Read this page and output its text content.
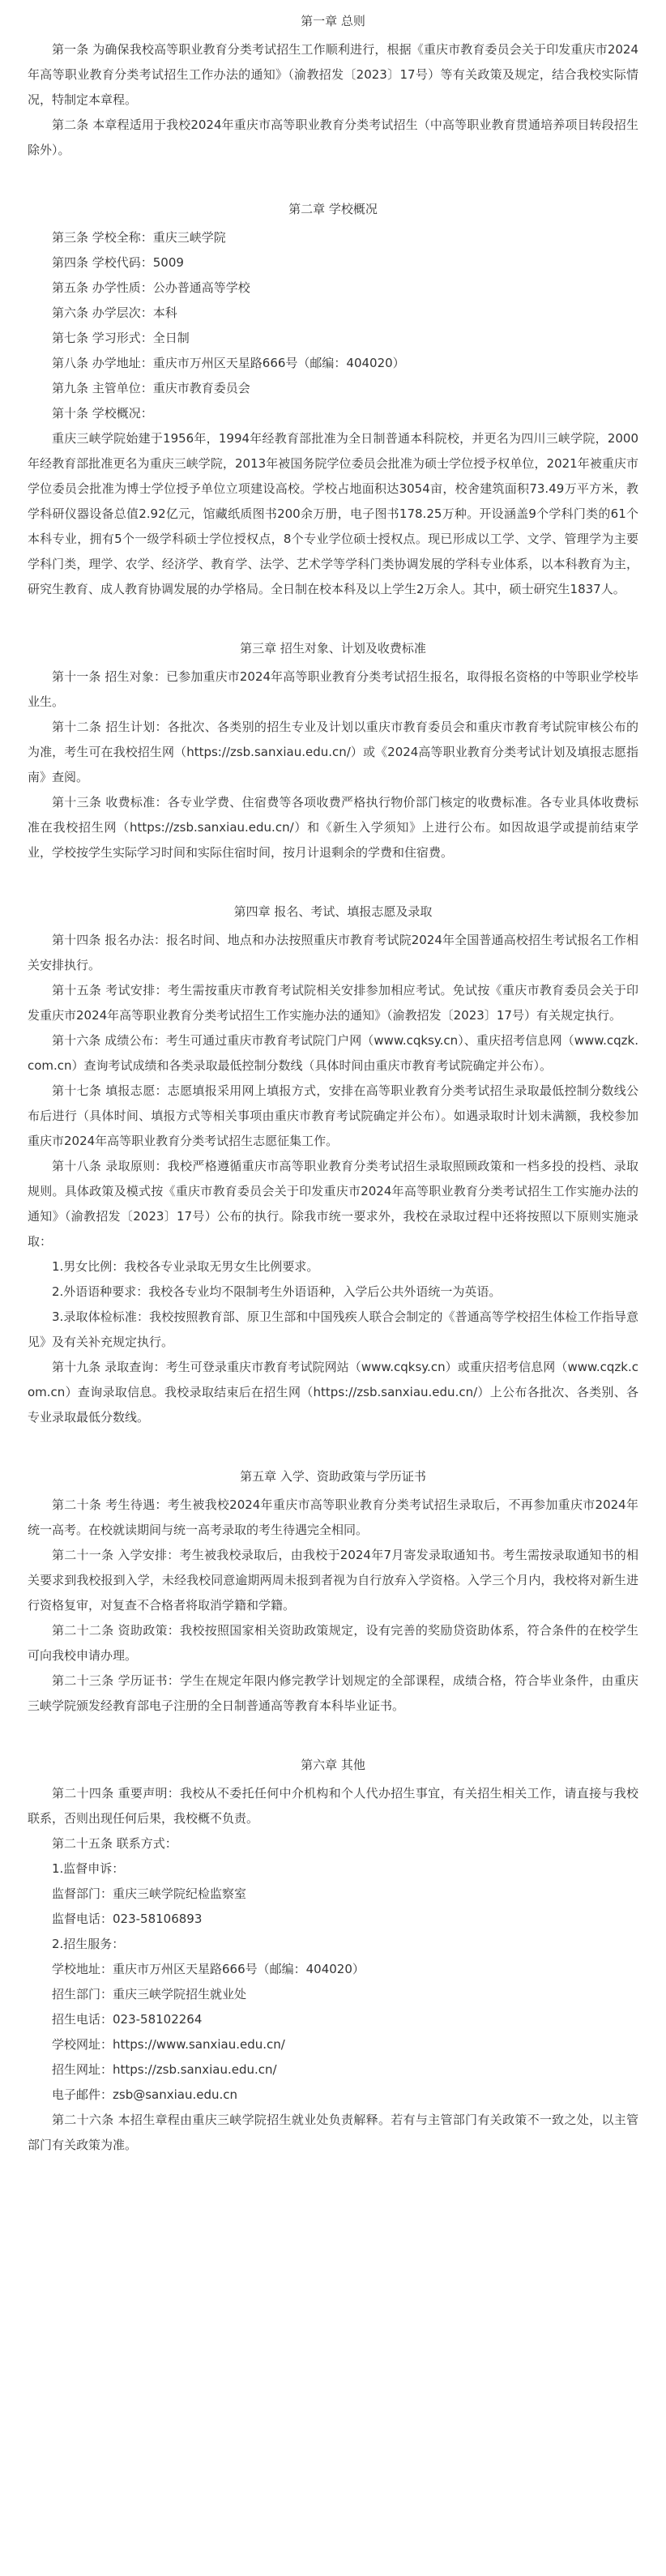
第一章 总则

第一条 为确保我校高等职业教育分类考试招生工作顺利进行，根据《重庆市教育委员会关于印发重庆市2024年高等职业教育分类考试招生工作办法的通知》（渝教招发〔2023〕17号）等有关政策及规定，结合我校实际情况，特制定本章程。

第二条 本章程适用于我校2024年重庆市高等职业教育分类考试招生（中高等职业教育贯通培养项目转段招生除外）。

第二章 学校概况

第三条 学校全称：重庆三峡学院

第四条 学校代码：5009

第五条 办学性质：公办普通高等学校

第六条 办学层次：本科

第七条 学习形式：全日制

第八条 办学地址：重庆市万州区天星路666号（邮编：404020）

第九条 主管单位：重庆市教育委员会

第十条 学校概况：

重庆三峡学院始建于1956年，1994年经教育部批准为全日制普通本科院校，并更名为四川三峡学院，2000年经教育部批准更名为重庆三峡学院，2013年被国务院学位委员会批准为硕士学位授予权单位，2021年被重庆市学位委员会批准为博士学位授予单位立项建设高校。学校占地面积达3054亩，校舍建筑面积73.49万平方米，教学科研仪器设备总值2.92亿元，馆藏纸质图书200余万册，电子图书178.25万种。开设涵盖9个学科门类的61个本科专业，拥有5个一级学科硕士学位授权点，8个专业学位硕士授权点。现已形成以工学、文学、管理学为主要学科门类，理学、农学、经济学、教育学、法学、艺术学等学科门类协调发展的学科专业体系，以本科教育为主，研究生教育、成人教育协调发展的办学格局。全日制在校本科及以上学生2万余人。其中，硕士研究生1837人。

第三章 招生对象、计划及收费标准

第十一条 招生对象：已参加重庆市2024年高等职业教育分类考试招生报名，取得报名资格的中等职业学校毕业生。

第十二条 招生计划：各批次、各类别的招生专业及计划以重庆市教育委员会和重庆市教育考试院审核公布的为准，考生可在我校招生网（https://zsb.sanxiau.edu.cn/）或《2024高等职业教育分类考试计划及填报志愿指南》查阅。

第十三条 收费标准：各专业学费、住宿费等各项收费严格执行物价部门核定的收费标准。各专业具体收费标准在我校招生网（https://zsb.sanxiau.edu.cn/）和《新生入学须知》上进行公布。如因故退学或提前结束学业，学校按学生实际学习时间和实际住宿时间，按月计退剩余的学费和住宿费。

第四章 报名、考试、填报志愿及录取

第十四条 报名办法：报名时间、地点和办法按照重庆市教育考试院2024年全国普通高校招生考试报名工作相关安排执行。

第十五条 考试安排：考生需按重庆市教育考试院相关安排参加相应考试。免试按《重庆市教育委员会关于印发重庆市2024年高等职业教育分类考试招生工作实施办法的通知》（渝教招发〔2023〕17号）有关规定执行。

第十六条 成绩公布：考生可通过重庆市教育考试院门户网（www.cqksy.cn）、重庆招考信息网（www.cqzk.com.cn）查询考试成绩和各类录取最低控制分数线（具体时间由重庆市教育考试院确定并公布）。

第十七条 填报志愿：志愿填报采用网上填报方式，安排在高等职业教育分类考试招生录取最低控制分数线公布后进行（具体时间、填报方式等相关事项由重庆市教育考试院确定并公布）。如遇录取时计划未满额，我校参加重庆市2024年高等职业教育分类考试招生志愿征集工作。

第十八条 录取原则：我校严格遵循重庆市高等职业教育分类考试招生录取照顾政策和一档多投的投档、录取规则。具体政策及模式按《重庆市教育委员会关于印发重庆市2024年高等职业教育分类考试招生工作实施办法的通知》（渝教招发〔2023〕17号）公布的执行。除我市统一要求外，我校在录取过程中还将按照以下原则实施录取：

1.男女比例：我校各专业录取无男女生比例要求。

2.外语语种要求：我校各专业均不限制考生外语语种，入学后公共外语统一为英语。

3.录取体检标准：我校按照教育部、原卫生部和中国残疾人联合会制定的《普通高等学校招生体检工作指导意见》及有关补充规定执行。

第十九条 录取查询：考生可登录重庆市教育考试院网站（www.cqksy.cn）或重庆招考信息网（www.cqzk.com.cn）查询录取信息。我校录取结束后在招生网（https://zsb.sanxiau.edu.cn/）上公布各批次、各类别、各专业录取最低分数线。

第五章 入学、资助政策与学历证书

第二十条 考生待遇：考生被我校2024年重庆市高等职业教育分类考试招生录取后，不再参加重庆市2024年统一高考。在校就读期间与统一高考录取的考生待遇完全相同。

第二十一条 入学安排：考生被我校录取后，由我校于2024年7月寄发录取通知书。考生需按录取通知书的相关要求到我校报到入学，未经我校同意逾期两周未报到者视为自行放弃入学资格。入学三个月内，我校将对新生进行资格复审，对复查不合格者将取消学籍和学籍。

第二十二条 资助政策：我校按照国家相关资助政策规定，设有完善的奖励贷资助体系，符合条件的在校学生可向我校申请办理。

第二十三条 学历证书：学生在规定年限内修完教学计划规定的全部课程，成绩合格，符合毕业条件，由重庆三峡学院颁发经教育部电子注册的全日制普通高等教育本科毕业证书。

第六章 其他

第二十四条 重要声明：我校从不委托任何中介机构和个人代办招生事宜，有关招生相关工作，请直接与我校联系，否则出现任何后果，我校概不负责。

第二十五条 联系方式：

1.监督申诉：

监督部门：重庆三峡学院纪检监察室

监督电话：023-58106893

2.招生服务：

学校地址：重庆市万州区天星路666号（邮编：404020）

招生部门：重庆三峡学院招生就业处

招生电话：023-58102264

学校网址：https://www.sanxiau.edu.cn/

招生网址：https://zsb.sanxiau.edu.cn/

电子邮件：zsb@sanxiau.edu.cn

第二十六条 本招生章程由重庆三峡学院招生就业处负责解释。若有与主管部门有关政策不一致之处，以主管部门有关政策为准。
